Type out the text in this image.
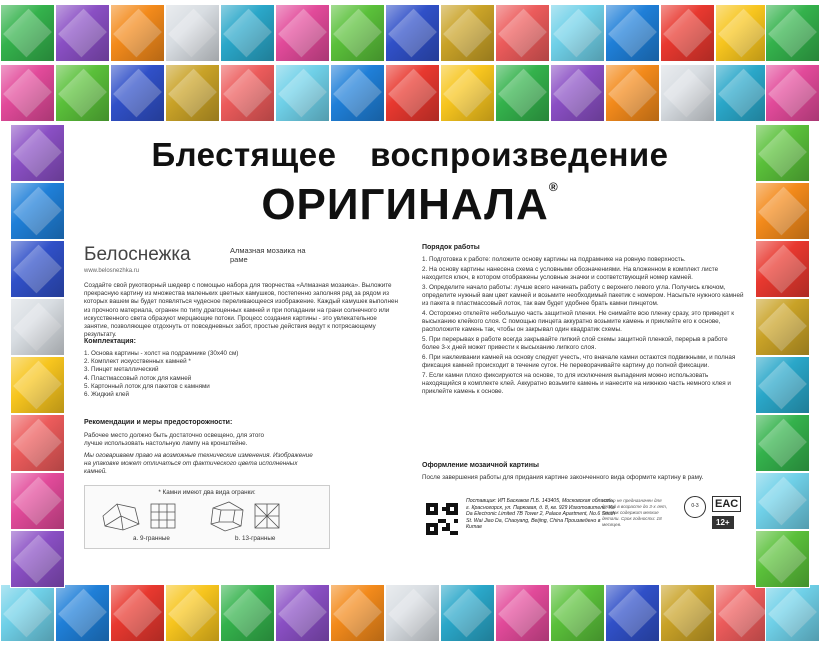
Блестящее воспроизведение
ОРИГИНАЛА®
Белоснежка
www.belosnezhka.ru
Алмазная мозаика на раме
Создайте свой рукотворный шедевр с помощью набора для творчества «Алмазная мозаика». Выложите прекрасную картину из множества маленьких цветных камушков, постепенно заполняя ряд за рядом из которых вашем вы будет появляться чудесное переливающееся изображение. Каждый камушек выполнен из прочного материала, огранен по типу драгоценных камней и при попадании на грани солнечного или искусственного света образуют мерцающие потоки. Процесс создания картины - это увлекательное занятие, позволяющее отдохнуть от повседневных забот, простые действия ведут к потрясающему результату.
Комплектация:
1. Основа картины - холст на подрамнике (30х40 см)
2. Комплект искусственных камней *
3. Пинцет металлический
4. Пластмассовый лоток для камней
5. Картонный лоток для пакетов с камнями
6. Жидкий клей
Рекомендации и меры предосторожности:
Рабочее место должно быть достаточно освещено, для этого лучше использовать настольную лампу на кронштейне.
Мы оговариваем право на возможные технические изменения. Изображение на упаковке может отличаться от фактического цвета исполненных камней.
* Камни имеют два вида огранки:
а. 9-гранные	b. 13-гранные
Порядок работы
1. Подготовка к работе: положите основу картины на подрамнике на ровную поверхность.
2. На основу картины нанесена схема с условными обозначениями. На вложенном в комплект листе находится ключ, в котором отображены условные значки и соответствующий номер камней.
3. Определите начало работы: лучше всего начинать работу с верхнего левого угла. Получись ключом, определите нужный вам цвет камней и возьмите необходимый пакетик с номером. Насыпьте нужного камней из пакета в пластмассовый лоток, так вам будет удобнее брать камни пинцетом.
4. Осторожно отклейте небольшую часть защитной пленки. Не снимайте всю пленку сразу, это приведет к высыханию клейкого слоя. С помощью пинцета аккуратно возьмите камень и приклейте его к основе, расположите камень так, чтобы он закрывал один квадратик схемы.
5. При перерывах в работе всегда закрывайте липкий слой схемы защитной пленкой, перерыв в работе более 3-х дней может привести к высыханию липкого слоя.
6. При наклеивании камней на основу следует учесть, что вначале камни остаются подвижными, и полная фиксация камней происходит в течение суток. Не переворачивайте картину до полной фиксации.
7. Если камни плохо фиксируются на основе, то для исключения выпадения можно использовать находящийся в комплекте клей. Аккуратно возьмите камень и нанесите на нижнюю часть немного клея и приклейте камень к основе.
Оформление мозаичной картины
После завершения работы для придания картине законченного вида оформите картину в раму.
Поставщик: ИП Баскаков П.Б. 143405, Московская область, г. Красногорск, ул. Парковая, д. 8, кв. 929 Изготовитель: Ke Da Electronic Limited 7B Tower 2, Palace Apartment, No.6 South St. Wai Jiao Da, Chaoyang, Beijing, China Произведено в Китае
Набор не предназначен для детей в возрасте до 3-х лет, так как содержит мелкие детали. Срок годности: 18 месяцев.
0-3	EAC
12+
